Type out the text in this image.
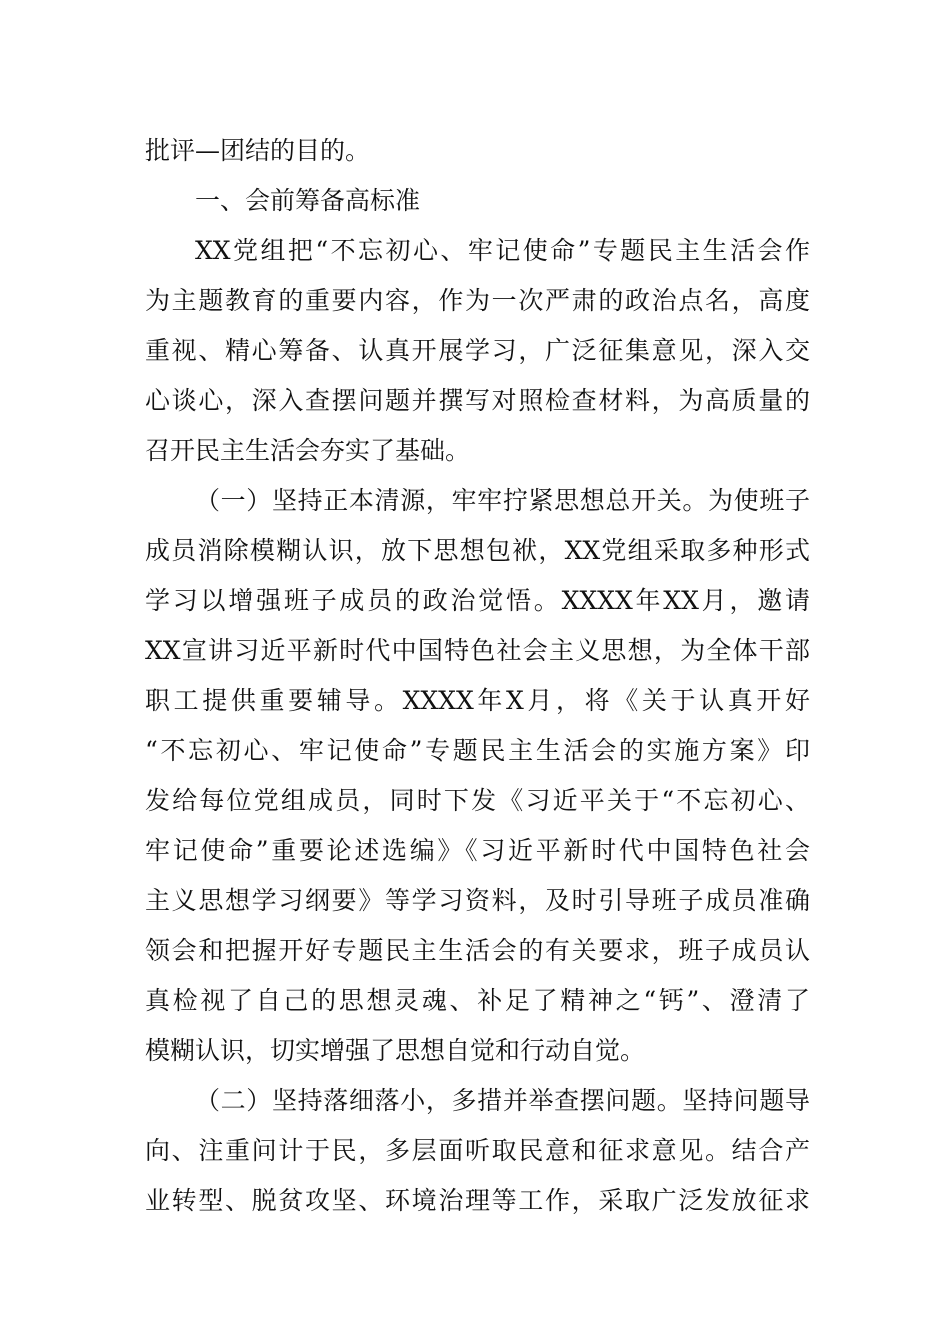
批评—团结的目的。
一、会前筹备高标准
XX党组把“不忘初心、牢记使命”专题民主生活会作
为主题教育的重要内容，作为一次严肃的政治点名，高度
重视、精心筹备、认真开展学习，广泛征集意见，深入交
心谈心，深入查摆问题并撰写对照检查材料，为高质量的
召开民主生活会夯实了基础。
（一）坚持正本清源，牢牢拧紧思想总开关。为使班子
成员消除模糊认识，放下思想包袱，XX党组采取多种形式
学习以增强班子成员的政治觉悟。XXXX年XX月，邀请
XX宣讲习近平新时代中国特色社会主义思想，为全体干部
职工提供重要辅导。XXXX年X月，将《关于认真开好
“不忘初心、牢记使命”专题民主生活会的实施方案》印
发给每位党组成员，同时下发《习近平关于“不忘初心、
牢记使命”重要论述选编》《习近平新时代中国特色社会
主义思想学习纲要》等学习资料，及时引导班子成员准确
领会和把握开好专题民主生活会的有关要求，班子成员认
真检视了自己的思想灵魂、补足了精神之“钙”、澄清了
模糊认识，切实增强了思想自觉和行动自觉。
（二）坚持落细落小，多措并举查摆问题。坚持问题导
向、注重问计于民，多层面听取民意和征求意见。结合产
业转型、脱贫攻坚、环境治理等工作，采取广泛发放征求
